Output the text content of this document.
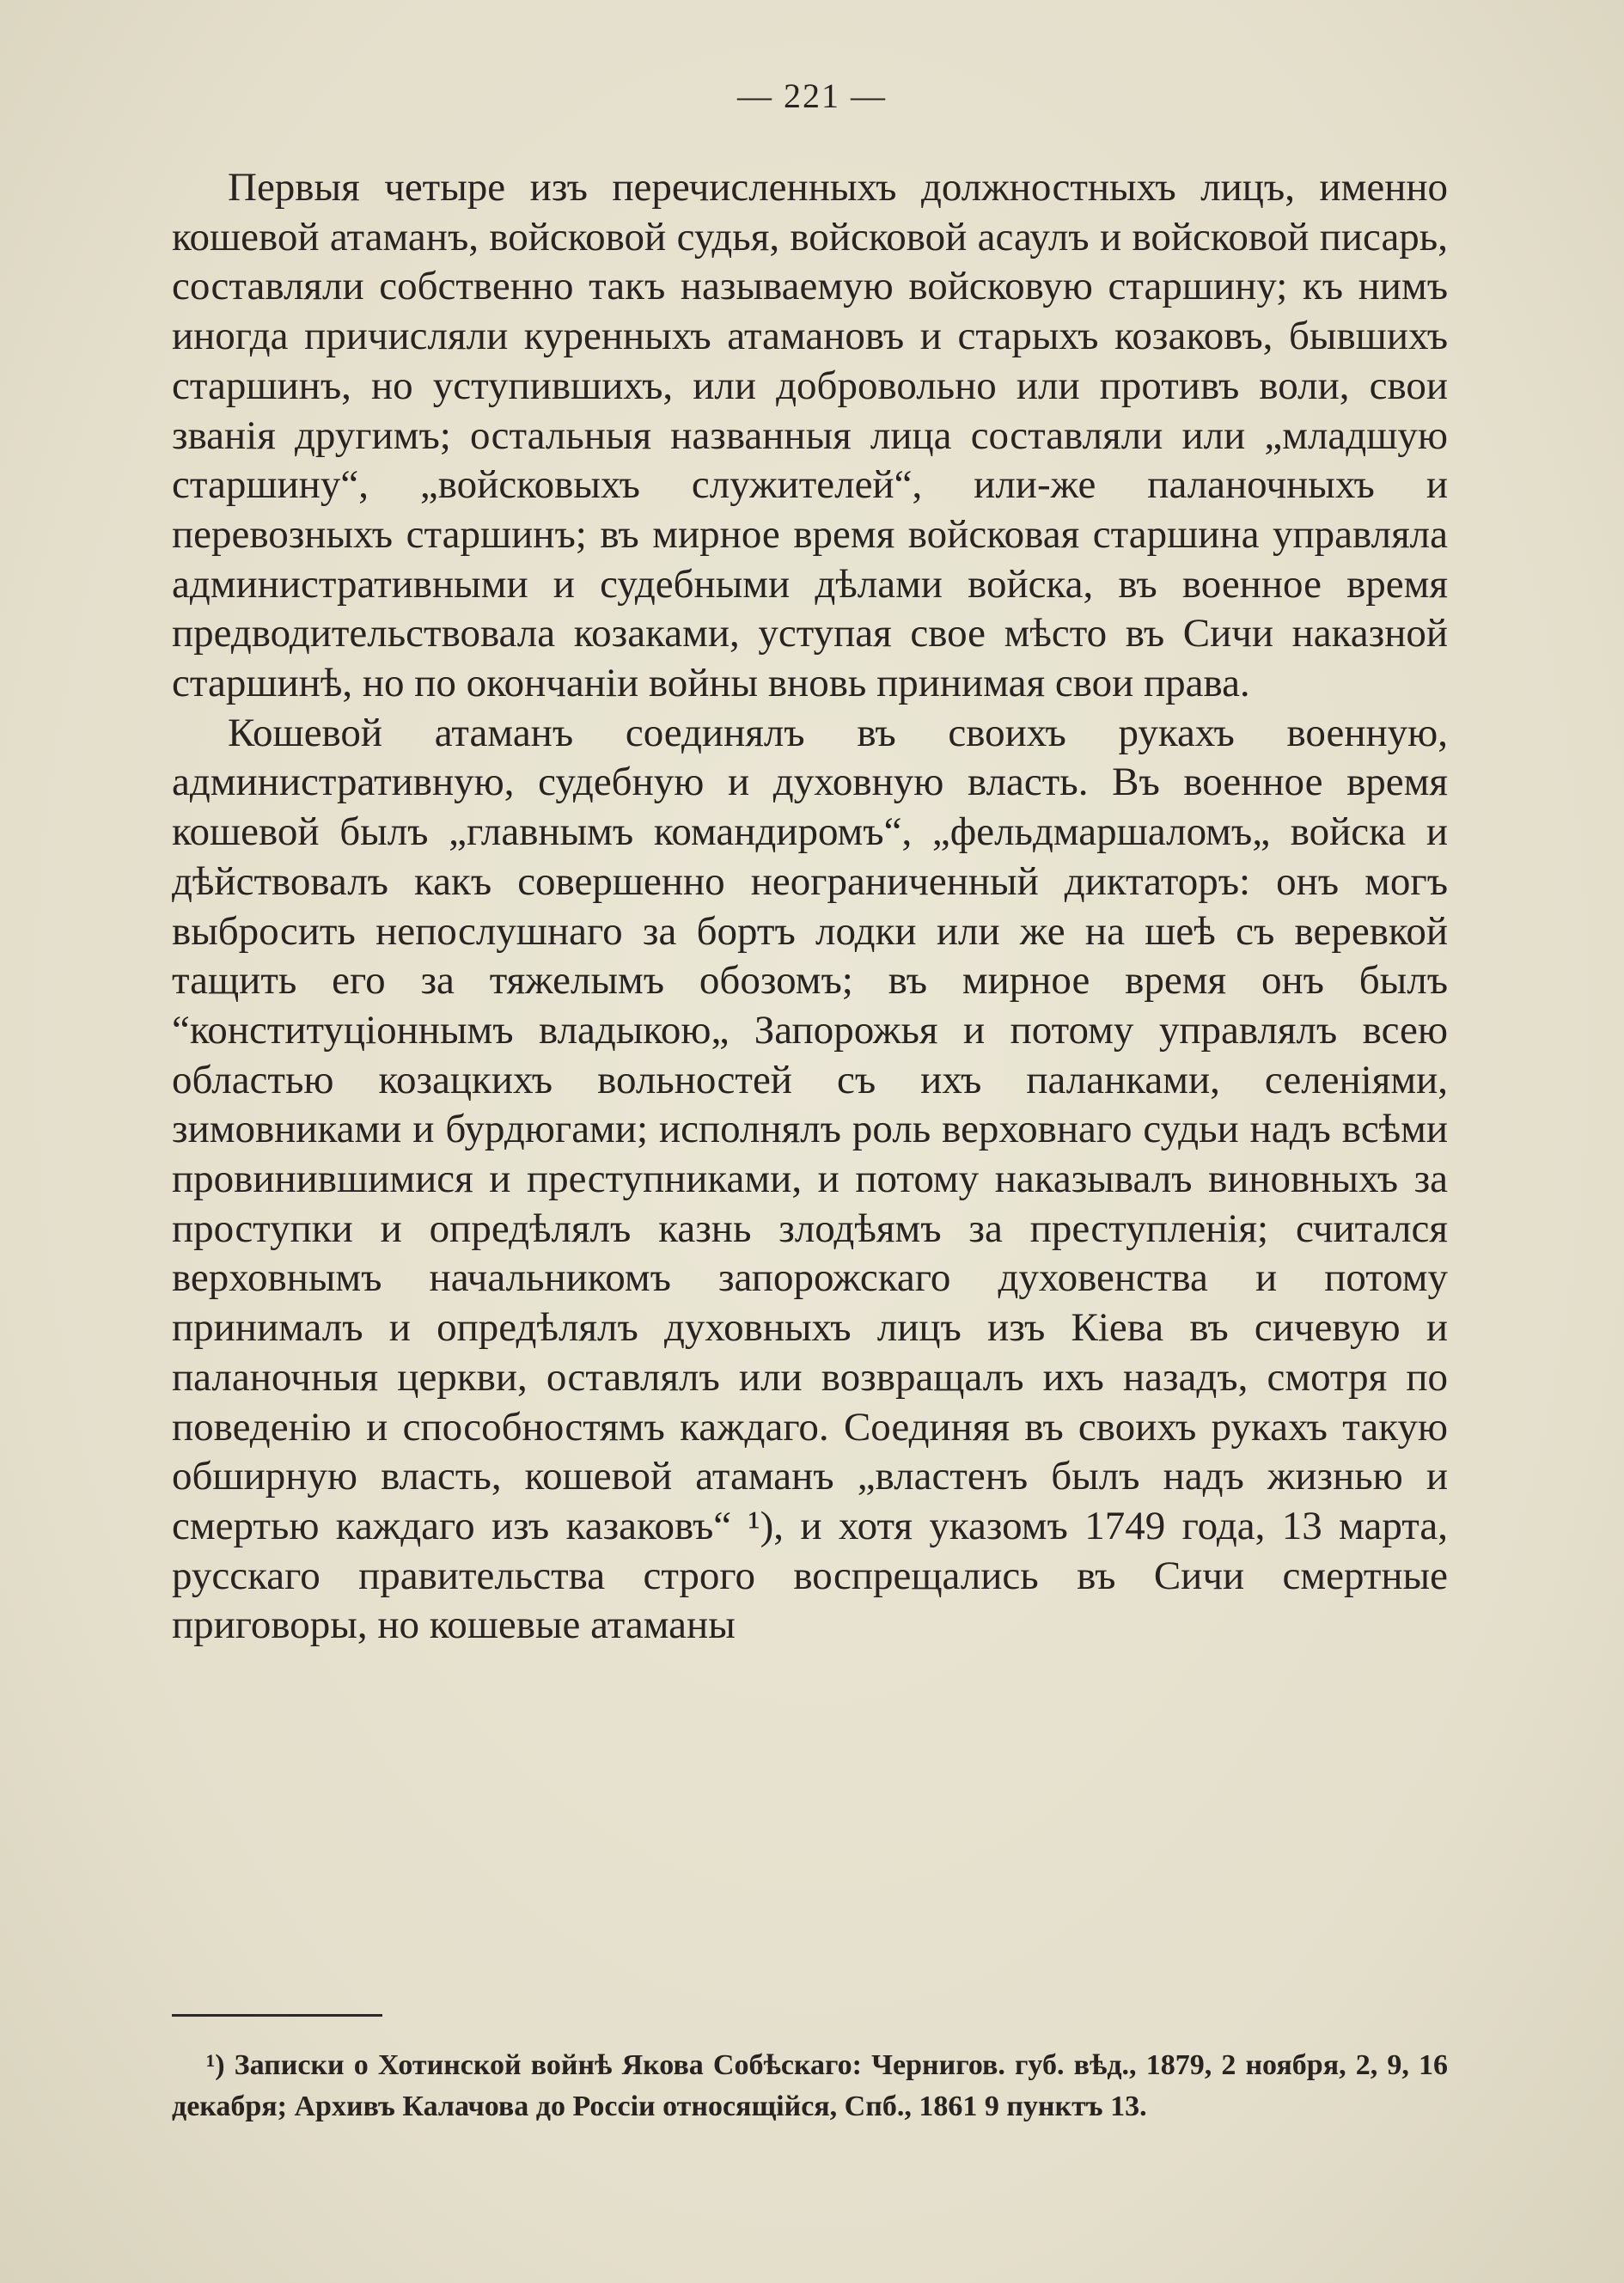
— 221 —

Первыя четыре изъ перечисленныхъ должностныхъ лицъ, именно кошевой атаманъ, войсковой судья, войсковой асаулъ и войсковой писарь, составляли собственно такъ называемую войсковую старшину; къ нимъ иногда причисляли куренныхъ атамановъ и старыхъ козаковъ, бывшихъ старшинъ, но уступившихъ, или добровольно или противъ воли, свои званія другимъ; остальныя названныя лица составляли или „младшую старшину“, „войсковыхъ служителей“, или-же паланочныхъ и перевозныхъ старшинъ; въ мирное время войсковая старшина управляла административными и судебными дѣлами войска, въ военное время предводительствовала козаками, уступая свое мѣсто въ Сичи наказной старшинѣ, но по окончаніи войны вновь принимая свои права.

Кошевой атаманъ соединялъ въ своихъ рукахъ военную, административную, судебную и духовную власть. Въ военное время кошевой былъ „главнымъ командиромъ“, „фельдмаршаломъ„ войска и дѣйствовалъ какъ совершенно неограниченный диктаторъ: онъ могъ выбросить непослушнаго за бортъ лодки или же на шеѣ съ веревкой тащить его за тяжелымъ обозомъ; въ мирное время онъ былъ “конституціоннымъ владыкою„ Запорожья и потому управлялъ всею областью козацкихъ вольностей съ ихъ паланками, селеніями, зимовниками и бурдюгами; исполнялъ роль верховнаго судьи надъ всѣми провинившимися и преступниками, и потому наказывалъ виновныхъ за проступки и опредѣлялъ казнь злодѣямъ за преступленія; считался верховнымъ начальникомъ запорожскаго духовенства и потому принималъ и опредѣлялъ духовныхъ лицъ изъ Кіева въ сичевую и паланочныя церкви, оставлялъ или возвращалъ ихъ назадъ, смотря по поведенію и способностямъ каждаго. Соединяя въ своихъ рукахъ такую обширную власть, кошевой атаманъ „властенъ былъ надъ жизнью и смертью каждаго изъ казаковъ“ ¹), и хотя указомъ 1749 года, 13 марта, русскаго правительства строго воспрещались въ Сичи смертные приговоры, но кошевые атаманы

¹) Записки о Хотинской войнѣ Якова Собѣскаго: Чернигов. губ. вѣд., 1879, 2 ноября, 2, 9, 16 декабря; Архивъ Калачова до Россіи относящійся, Спб., 1861 9 пунктъ 13.
